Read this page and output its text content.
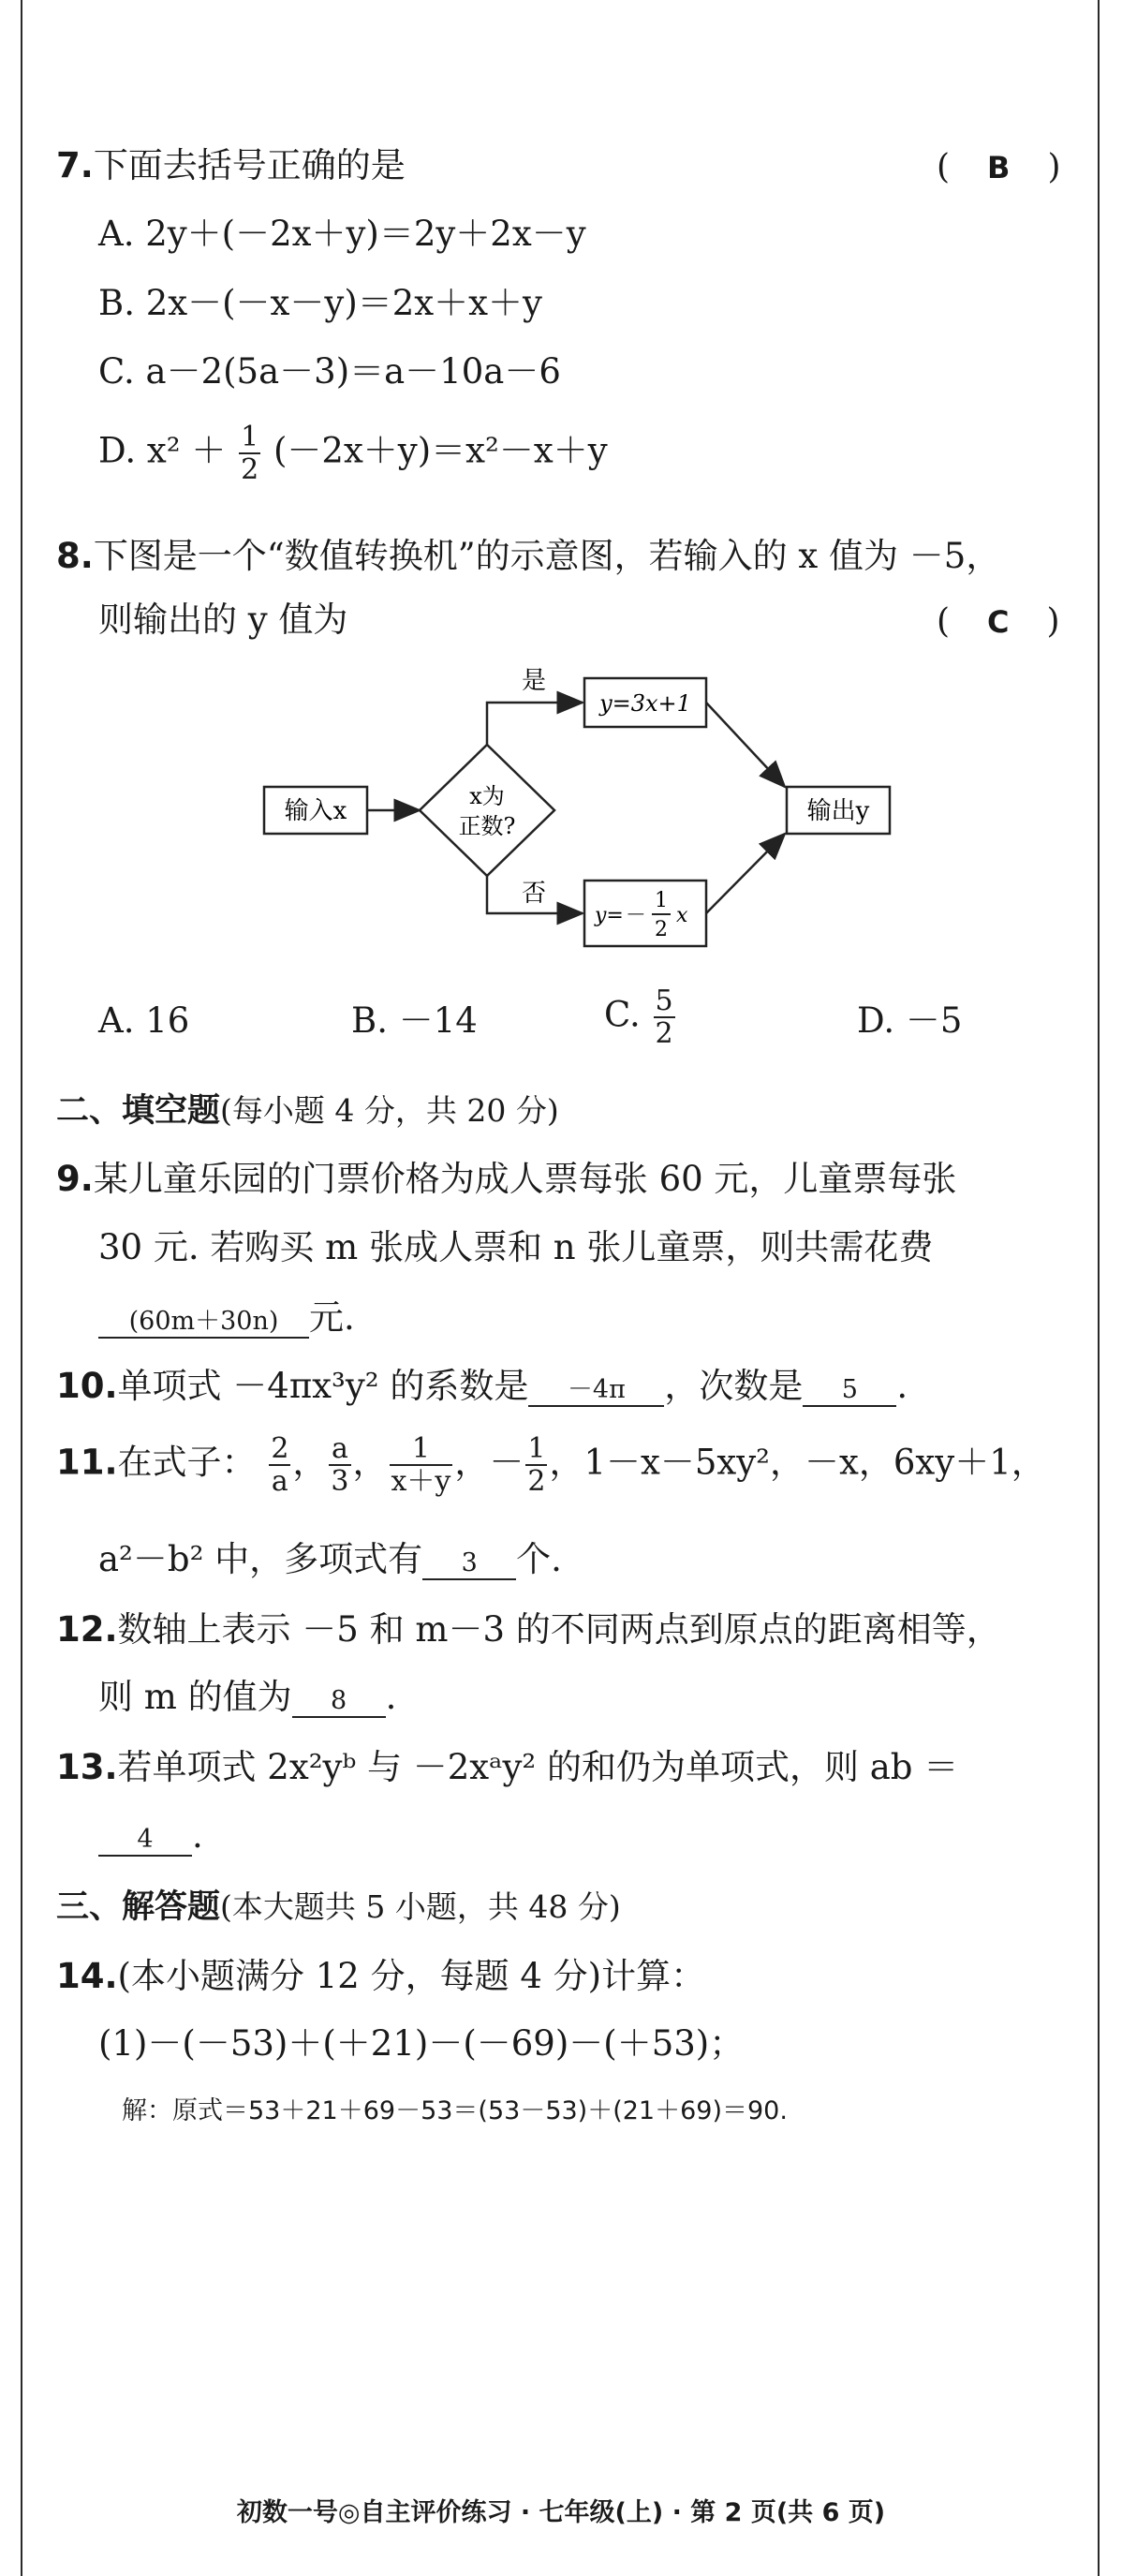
7.下面去括号正确的是	( B )
A. 2y＋(－2x＋y)＝2y＋2x－y
B. 2x－(－x－y)＝2x＋x＋y
C. a－2(5a－3)＝a－10a－6
D. $x^2 + \frac{1}{2} (-2x+y)=x^2-x+y$
8.下图是一个“数值转换机”的示意图，若输入的 x 值为 －5，
则输出的 y 值为	( C )
输入x
x为
正数?
是
y=3x+1
否
y=－
1
2
x
输出y
A. 16	B. －14	C. $\frac{5}{2}$	D. －5
二、填空题(每小题 4 分，共 20 分)
9.某儿童乐园的门票价格为成人票每张 60 元，儿童票每张
30 元. 若购买 m 张成人票和 n 张儿童票，则共需花费
(60m＋30n) 元.
10.单项式 －4πx³y² 的系数是 －4π ，次数是 5 .
11.在式子： $\frac{2}{a}$ ， $\frac{a}{3}$ ， $\frac{1}{x+y}$ ，－ $\frac{1}{2}$ ，1－x－5xy²，－x，6xy＋1，
a²－b² 中，多项式有 3 个.
12.数轴上表示 －5 和 m－3 的不同两点到原点的距离相等，
则 m 的值为 8 .
13.若单项式 2x²yᵇ 与 －2xᵃy² 的和仍为单项式，则 ab ＝
4 .
三、解答题(本大题共 5 小题，共 48 分)
14.(本小题满分 12 分，每题 4 分)计算：
(1)－(－53)＋(＋21)－(－69)－(＋53)；
解：原式＝53＋21＋69－53＝(53－53)＋(21＋69)＝90.
初数一号◎自主评价练习 · 七年级(上) · 第 2 页(共 6 页)
